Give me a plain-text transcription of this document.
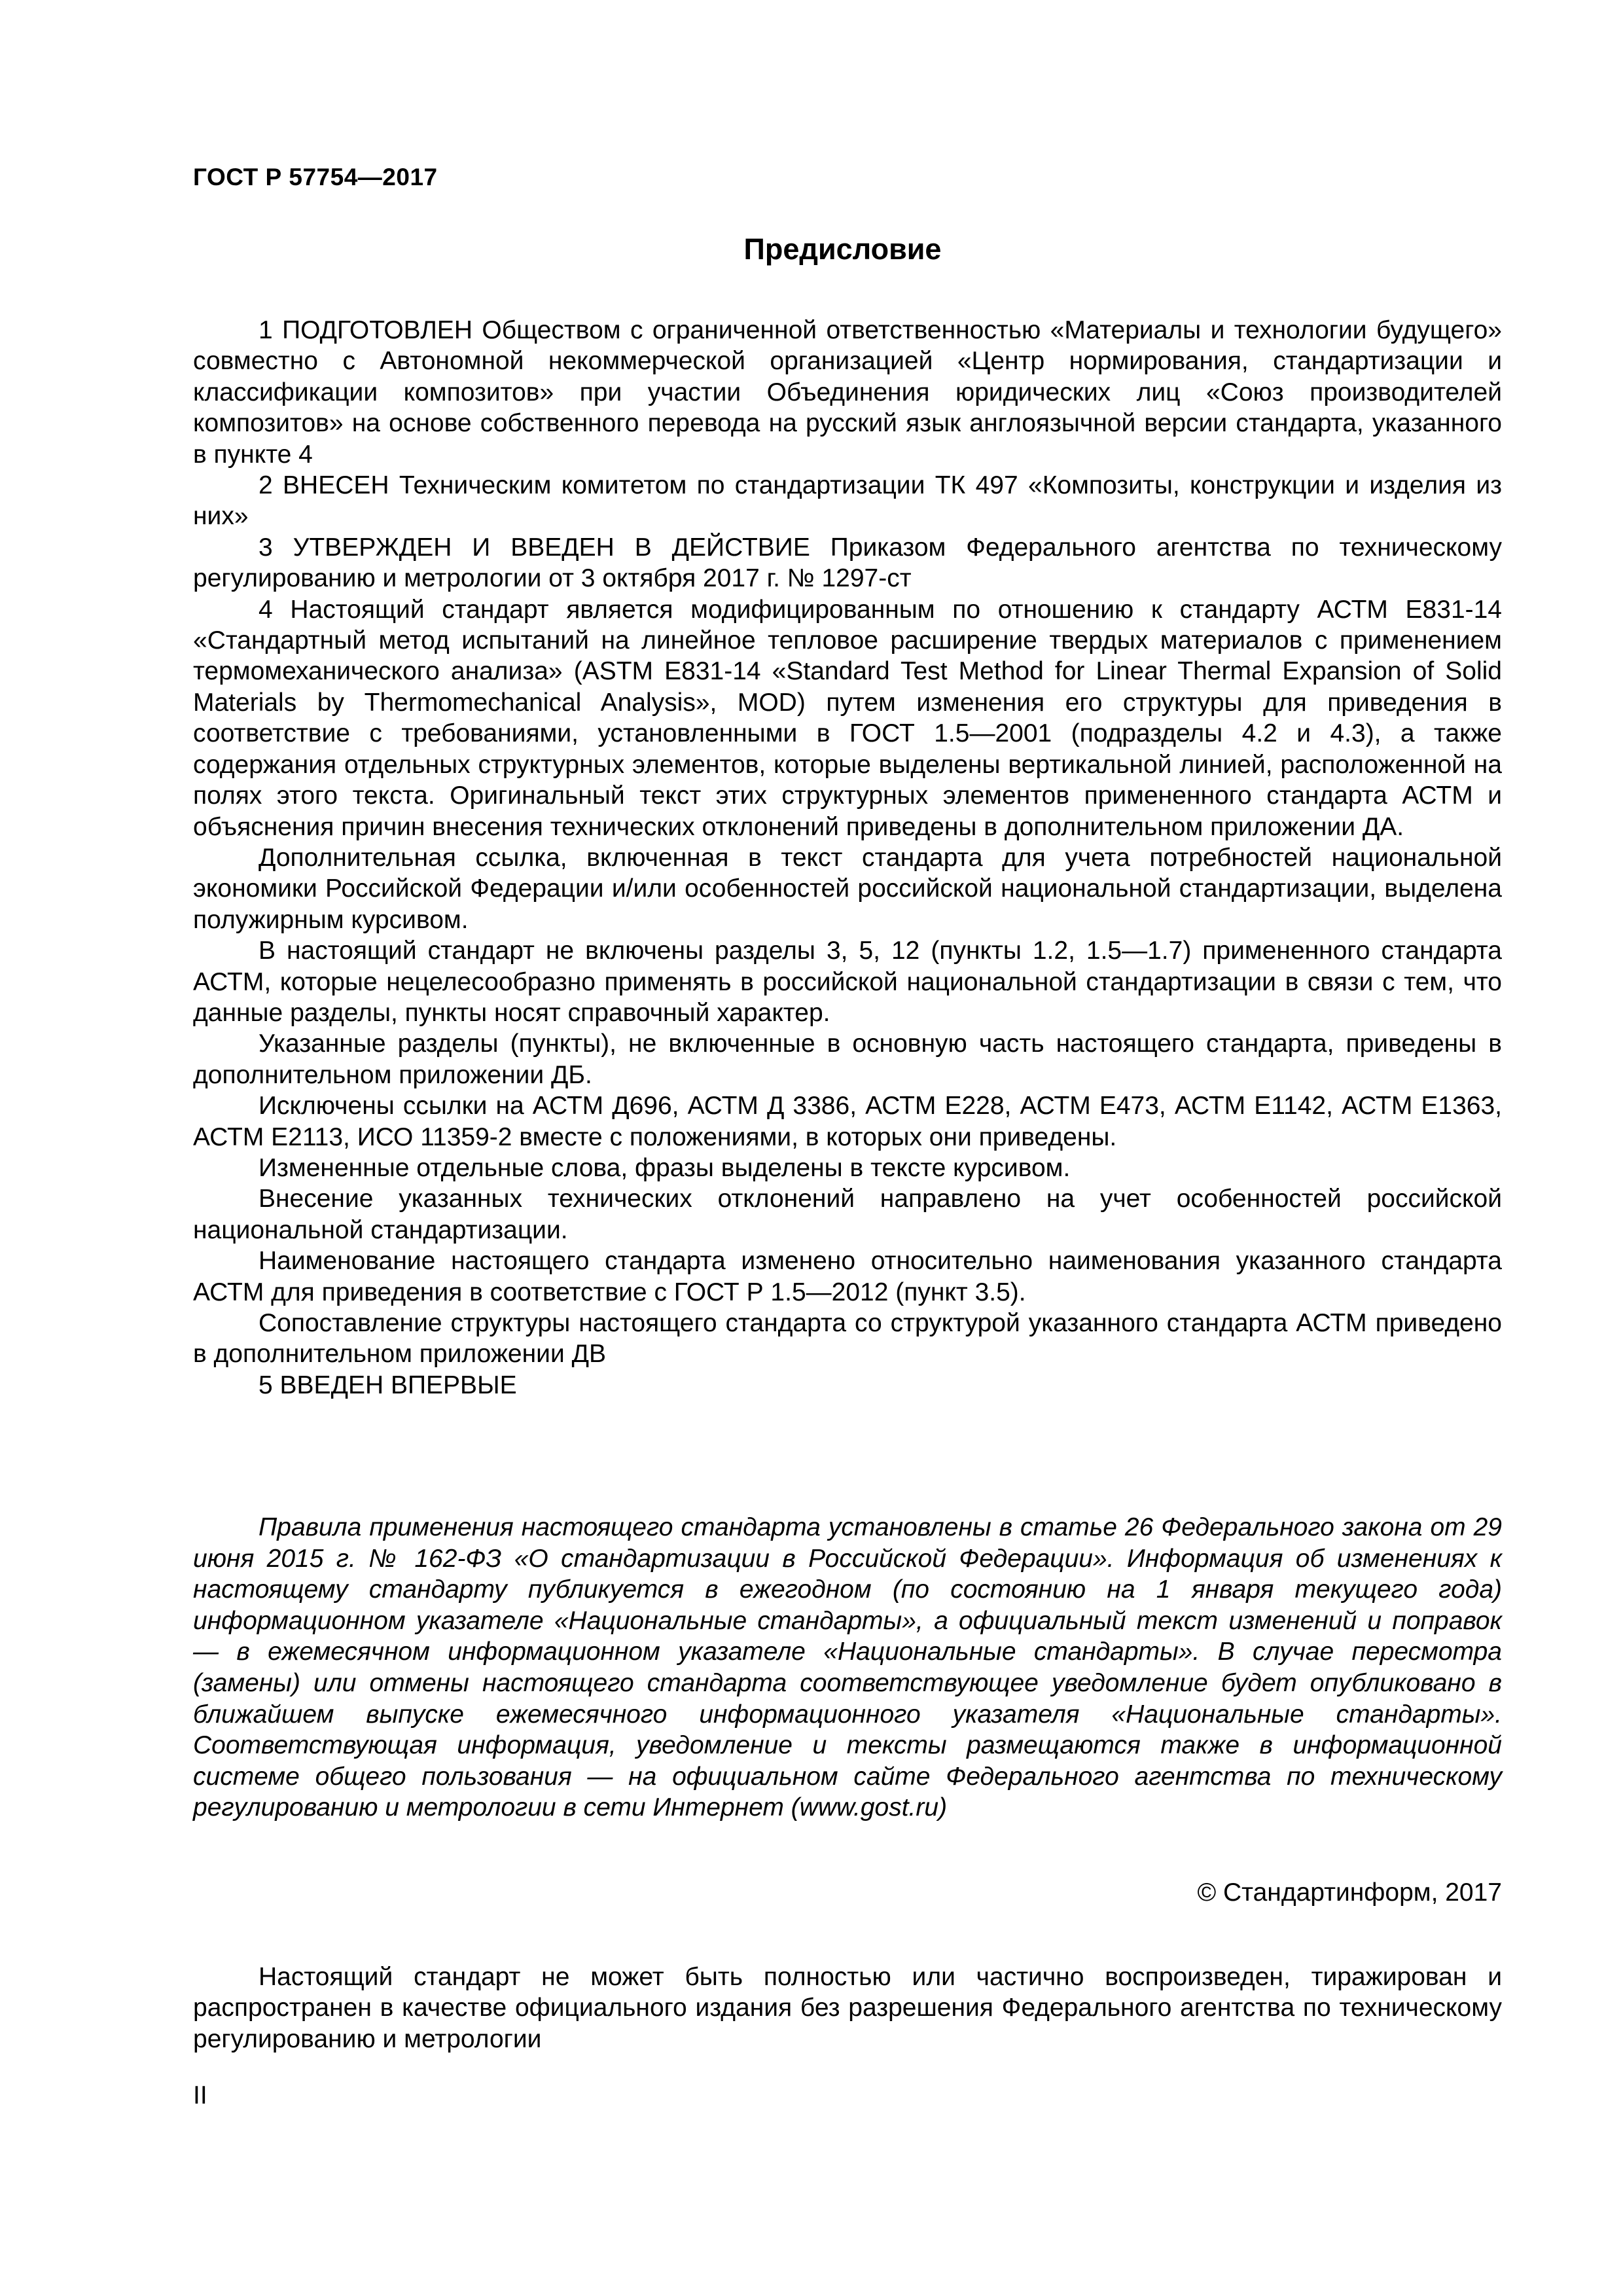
ГОСТ Р 57754—2017
Предисловие

1 ПОДГОТОВЛЕН Обществом с ограниченной ответственностью «Материалы и технологии будущего» совместно с Автономной некоммерческой организацией «Центр нормирования, стандартизации и классификации композитов» при участии Объединения юридических лиц «Союз производителей композитов» на основе собственного перевода на русский язык англоязычной версии стандарта, указанного в пункте 4

2 ВНЕСЕН Техническим комитетом по стандартизации ТК 497 «Композиты, конструкции и изделия из них»

3 УТВЕРЖДЕН И ВВЕДЕН В ДЕЙСТВИЕ Приказом Федерального агентства по техническому регулированию и метрологии от 3 октября 2017 г. № 1297-ст

4 Настоящий стандарт является модифицированным по отношению к стандарту АСТМ Е831-14 «Стандартный метод испытаний на линейное тепловое расширение твердых материалов с применением термомеханического анализа» (ASTM E831-14 «Standard Test Method for Linear Thermal Expansion of Solid Materials by Thermomechanical Analysis», MOD) путем изменения его структуры для приведения в соответствие с требованиями, установленными в ГОСТ 1.5—2001 (подразделы 4.2 и 4.3), а также содержания отдельных структурных элементов, которые выделены вертикальной линией, расположенной на полях этого текста. Оригинальный текст этих структурных элементов примененного стандарта АСТМ и объяснения причин внесения технических отклонений приведены в дополнительном приложении ДА.

Дополнительная ссылка, включенная в текст стандарта для учета потребностей национальной экономики Российской Федерации и/или особенностей российской национальной стандартизации, выделена полужирным курсивом.

В настоящий стандарт не включены разделы 3, 5, 12 (пункты 1.2, 1.5—1.7) примененного стандарта АСТМ, которые нецелесообразно применять в российской национальной стандартизации в связи с тем, что данные разделы, пункты носят справочный характер.

Указанные разделы (пункты), не включенные в основную часть настоящего стандарта, приведены в дополнительном приложении ДБ.

Исключены ссылки на АСТМ Д696, АСТМ Д 3386, АСТМ Е228, АСТМ Е473, АСТМ Е1142, АСТМ Е1363, АСТМ Е2113, ИСО 11359-2 вместе с положениями, в которых они приведены.

Измененные отдельные слова, фразы выделены в тексте курсивом.

Внесение указанных технических отклонений направлено на учет особенностей российской национальной стандартизации.

Наименование настоящего стандарта изменено относительно наименования указанного стандарта АСТМ для приведения в соответствие с ГОСТ Р 1.5—2012 (пункт 3.5).

Сопоставление структуры настоящего стандарта со структурой указанного стандарта АСТМ приведено в дополнительном приложении ДВ

5 ВВЕДЕН ВПЕРВЫЕ

Правила применения настоящего стандарта установлены в статье 26 Федерального закона от 29 июня 2015 г. № 162-ФЗ «О стандартизации в Российской Федерации». Информация об изменениях к настоящему стандарту публикуется в ежегодном (по состоянию на 1 января текущего года) информационном указателе «Национальные стандарты», а официальный текст изменений и поправок — в ежемесячном информационном указателе «Национальные стандарты». В случае пересмотра (замены) или отмены настоящего стандарта соответствующее уведомление будет опубликовано в ближайшем выпуске ежемесячного информационного указателя «Национальные стандарты». Соответствующая информация, уведомление и тексты размещаются также в информационной системе общего пользования — на официальном сайте Федерального агентства по техническому регулированию и метрологии в сети Интернет (www.gost.ru)

© Стандартинформ, 2017

Настоящий стандарт не может быть полностью или частично воспроизведен, тиражирован и распространен в качестве официального издания без разрешения Федерального агентства по техническому регулированию и метрологии

II
